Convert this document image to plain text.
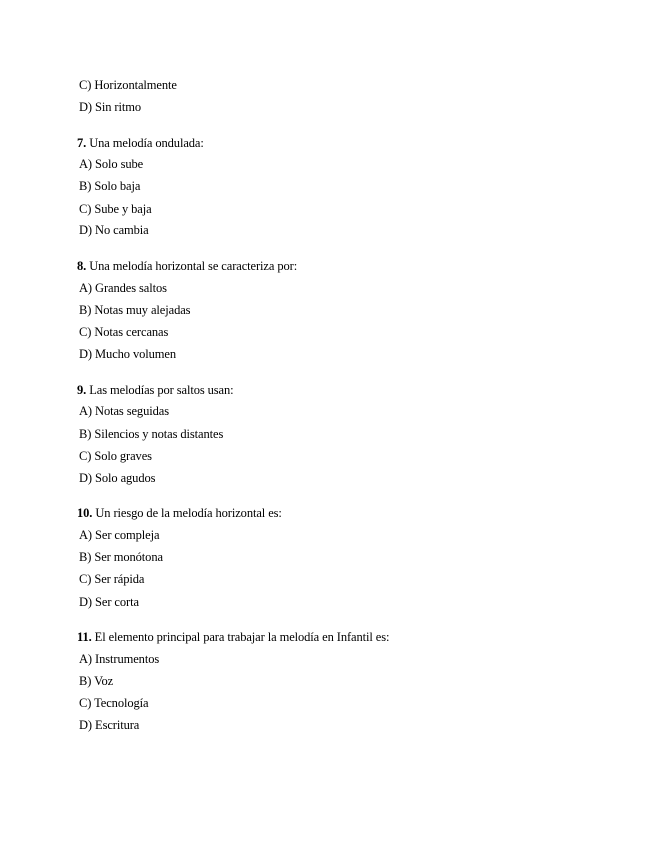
C) Horizontalmente
D) Sin ritmo
7. Una melodía ondulada:
A) Solo sube
B) Solo baja
C) Sube y baja
D) No cambia
8. Una melodía horizontal se caracteriza por:
A) Grandes saltos
B) Notas muy alejadas
C) Notas cercanas
D) Mucho volumen
9. Las melodías por saltos usan:
A) Notas seguidas
B) Silencios y notas distantes
C) Solo graves
D) Solo agudos
10. Un riesgo de la melodía horizontal es:
A) Ser compleja
B) Ser monótona
C) Ser rápida
D) Ser corta
11. El elemento principal para trabajar la melodía en Infantil es:
A) Instrumentos
B) Voz
C) Tecnología
D) Escritura
